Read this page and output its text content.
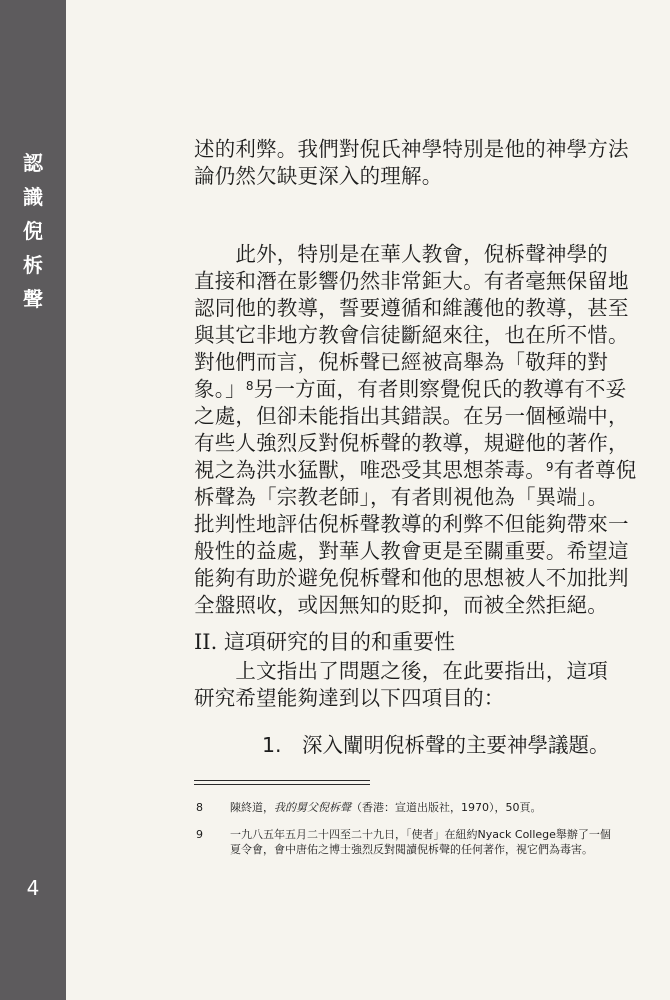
認
識
倪
柝
聲
4
述的利弊。我們對倪氏神學特別是他的神學方法
論仍然欠缺更深入的理解。
　　此外，特別是在華人教會，倪柝聲神學的
直接和潛在影響仍然非常鉅大。有者毫無保留地
認同他的教導，誓要遵循和維護他的教導，甚至
與其它非地方教會信徒斷絕來往，也在所不惜。
對他們而言，倪柝聲已經被高舉為「敬拜的對
象。」$^8$另一方面，有者則察覺倪氏的教導有不妥
之處，但卻未能指出其錯誤。在另一個極端中，
有些人強烈反對倪柝聲的教導，規避他的著作，
視之為洪水猛獸，唯恐受其思想荼毒。$^9$有者尊倪
柝聲為「宗教老師」，有者則視他為「異端」。
批判性地評估倪柝聲教導的利弊不但能夠帶來一
般性的益處，對華人教會更是至關重要。希望這
能夠有助於避免倪柝聲和他的思想被人不加批判
全盤照收，或因無知的貶抑，而被全然拒絕。
II. 這項研究的目的和重要性
　　上文指出了問題之後，在此要指出，這項
研究希望能夠達到以下四項目的：

1.　深入闡明倪柝聲的主要神學議題。

8 陳終道，我的舅父倪柝聲（香港：宣道出版社，1970），50頁。

9 一九八五年五月二十四至二十九日，「使者」在紐約Nyack College舉辦了一個夏令會，會中唐佑之博士強烈反對閱讀倪柝聲的任何著作，視它們為毒害。
